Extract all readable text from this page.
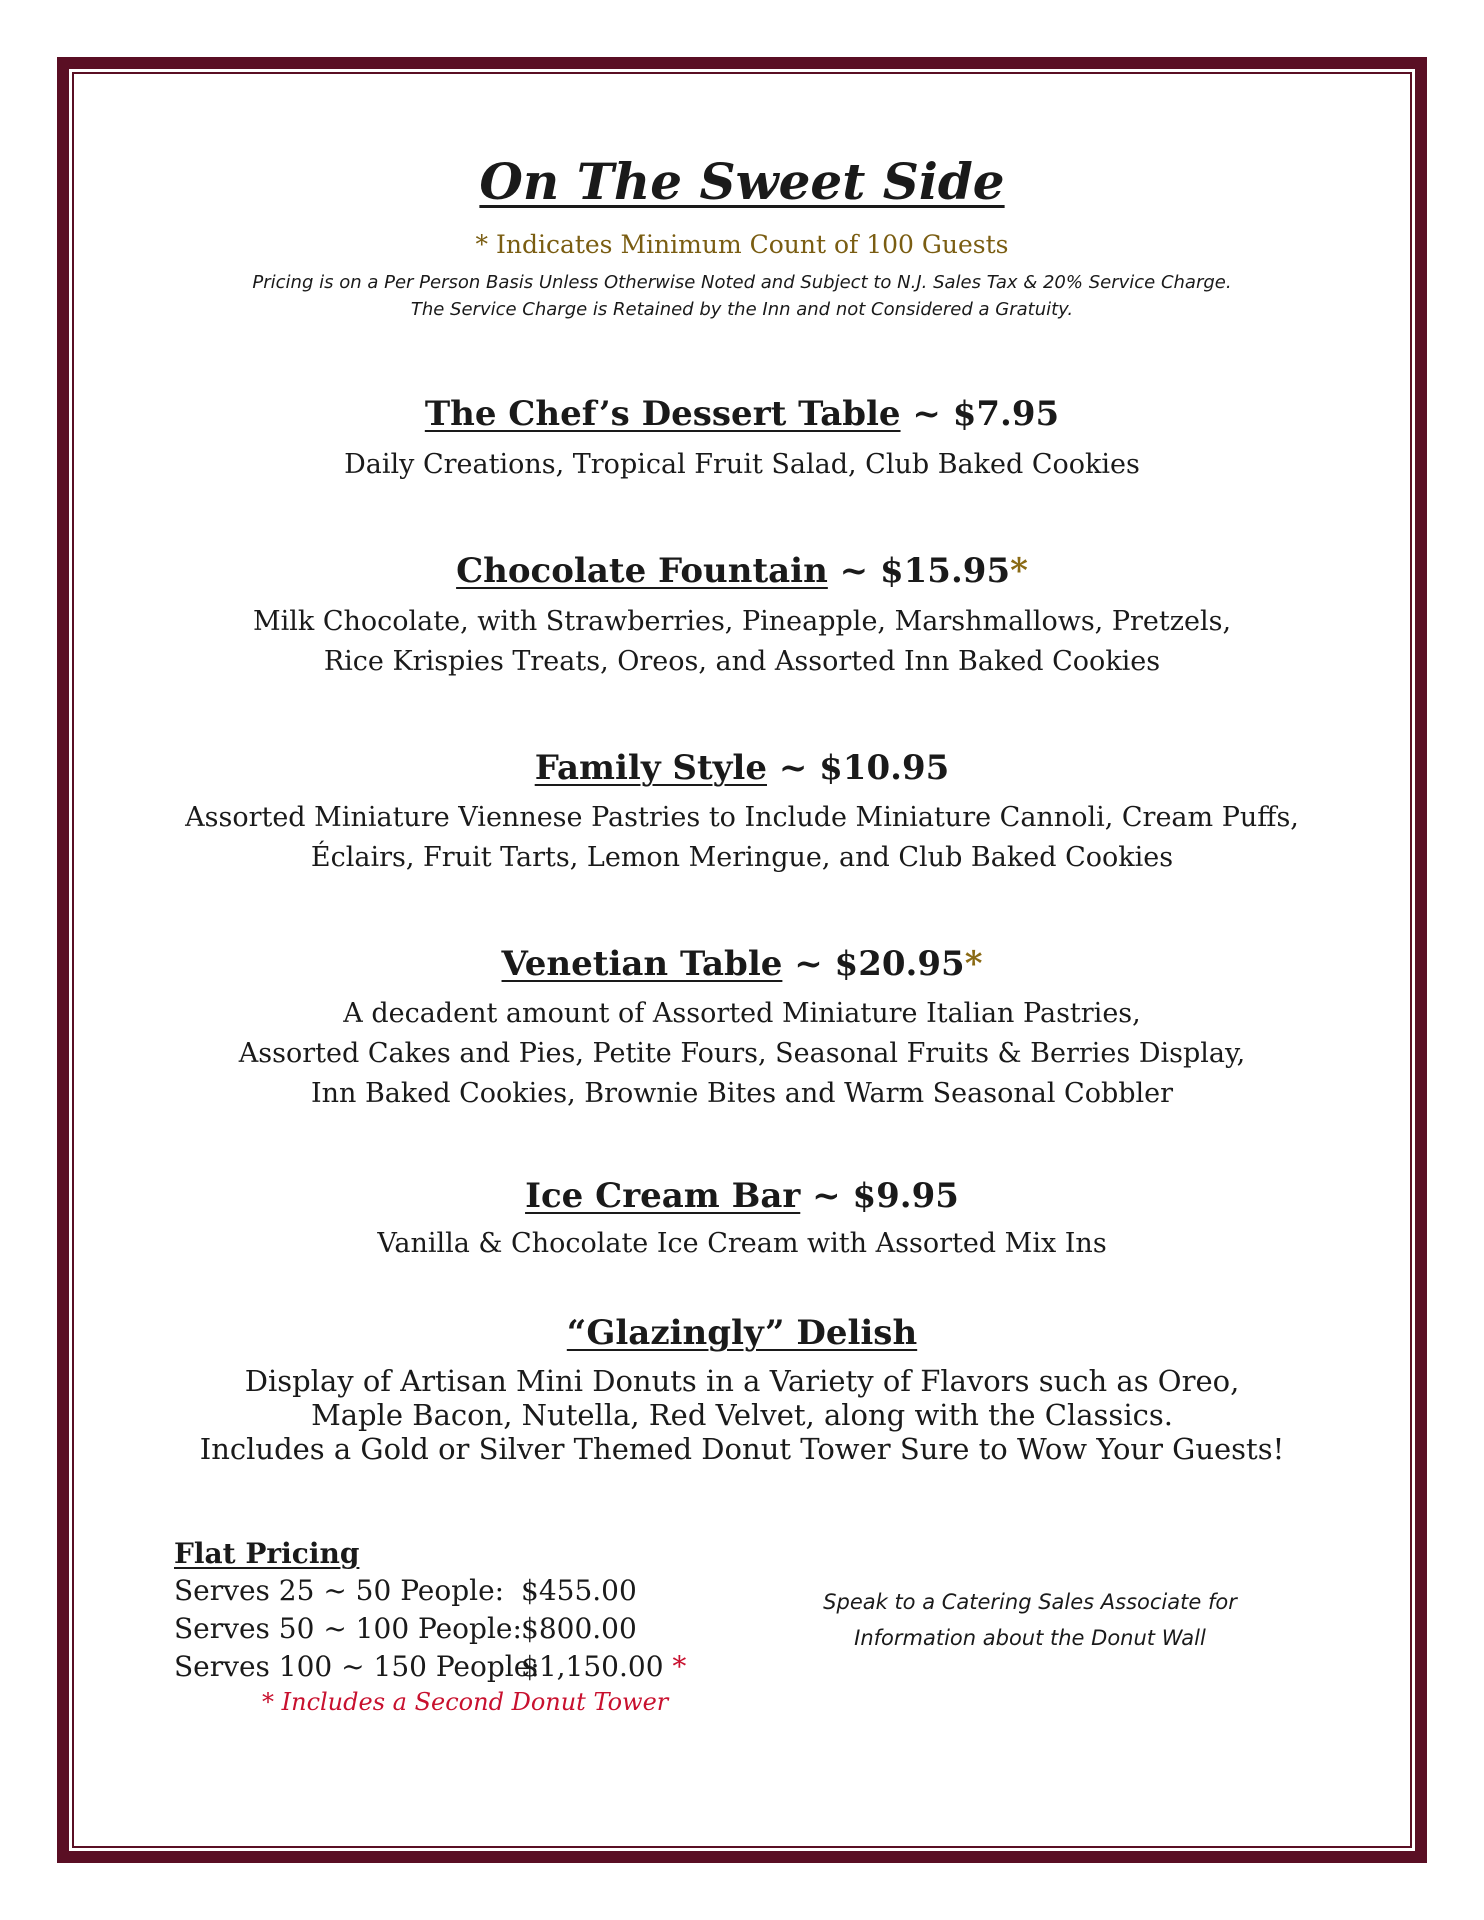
On The Sweet Side
* Indicates Minimum Count of 100 Guests
Pricing is on a Per Person Basis Unless Otherwise Noted and Subject to N.J. Sales Tax & 20% Service Charge.
The Service Charge is Retained by the Inn and not Considered a Gratuity.
The Chef’s Dessert Table ~ $7.95
Daily Creations, Tropical Fruit Salad, Club Baked Cookies
Chocolate Fountain ~ $15.95*
Milk Chocolate, with Strawberries, Pineapple, Marshmallows, Pretzels,
Rice Krispies Treats, Oreos, and Assorted Inn Baked Cookies
Family Style ~ $10.95
Assorted Miniature Viennese Pastries to Include Miniature Cannoli, Cream Puffs,
Éclairs, Fruit Tarts, Lemon Meringue, and Club Baked Cookies
Venetian Table ~ $20.95*
A decadent amount of Assorted Miniature Italian Pastries,
Assorted Cakes and Pies, Petite Fours, Seasonal Fruits & Berries Display,
Inn Baked Cookies, Brownie Bites and Warm Seasonal Cobbler
Ice Cream Bar ~ $9.95
Vanilla & Chocolate Ice Cream with Assorted Mix Ins
“Glazingly” Delish
Display of Artisan Mini Donuts in a Variety of Flavors such as Oreo,
Maple Bacon, Nutella, Red Velvet, along with the Classics.
Includes a Gold or Silver Themed Donut Tower Sure to Wow Your Guests!
Flat Pricing
Serves 25 ~ 50 People: $455.00
Serves 50 ~ 100 People: $800.00
Serves 100 ~ 150 People:
$1,150.00 *
* Includes a Second Donut Tower
Speak to a Catering Sales Associate for
Information about the Donut Wall
